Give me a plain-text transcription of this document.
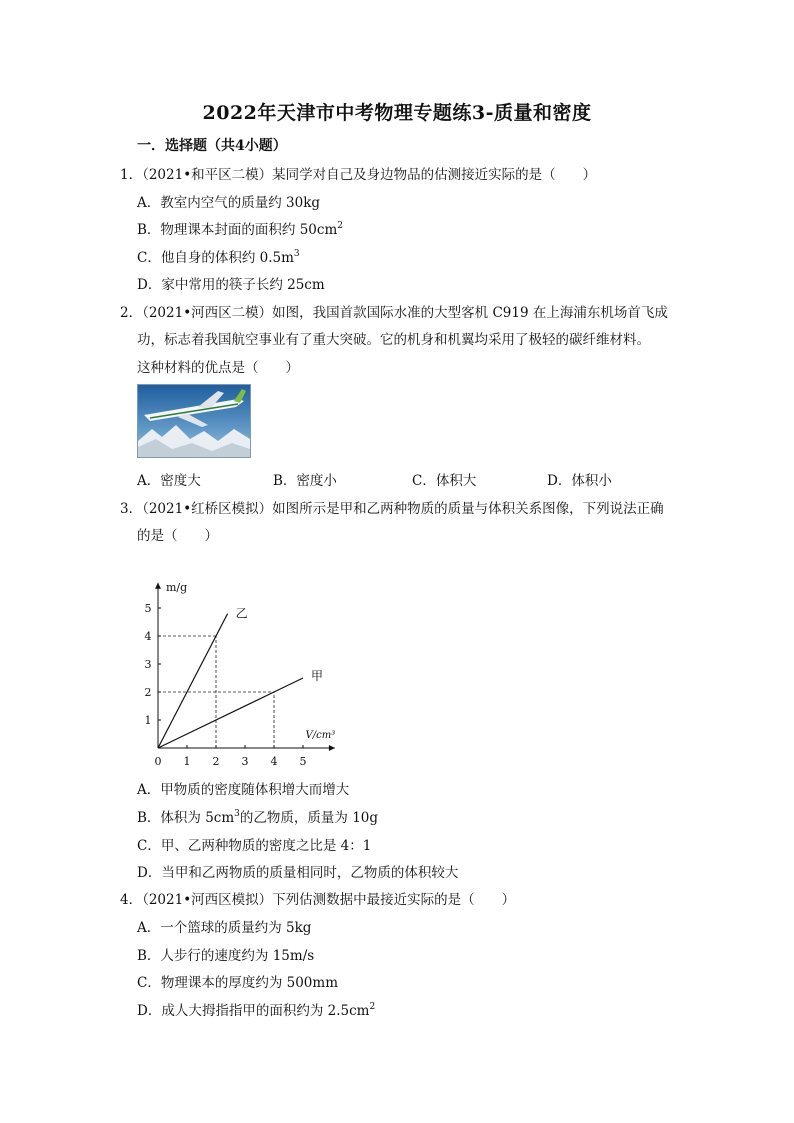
2022年天津市中考物理专题练3-质量和密度
一．选择题（共4小题）
1．（2021•和平区二模）某同学对自己及身边物品的估测接近实际的是（　　）
A．教室内空气的质量约 30kg
B．物理课本封面的面积约 $50cm^2$
C．他自身的体积约 $0.5m^3$
D．家中常用的筷子长约 25cm
2．（2021•河西区二模）如图，我国首款国际水准的大型客机 C919 在上海浦东机场首飞成
功，标志着我国航空事业有了重大突破。它的机身和机翼均采用了极轻的碳纤维材料。
这种材料的优点是（　　）
A．密度大	B．密度小	C．体积大	D．体积小
3．（2021•红桥区模拟）如图所示是甲和乙两种物质的质量与体积关系图像，下列说法正确
的是（　　）
0 1 2 3 4 5
1
2
3
4
5
m/g
V/cm³
乙
甲
A．甲物质的密度随体积增大而增大
B．体积为 $5cm^3$的乙物质，质量为 10g
C．甲、乙两种物质的密度之比是 4：1
D．当甲和乙两物质的质量相同时，乙物质的体积较大
4．（2021•河西区模拟）下列估测数据中最接近实际的是（　　）
A．一个篮球的质量约为 5kg
B．人步行的速度约为 15m/s
C．物理课本的厚度约为 500mm
D．成人大拇指指甲的面积约为 $2.5cm^2$
